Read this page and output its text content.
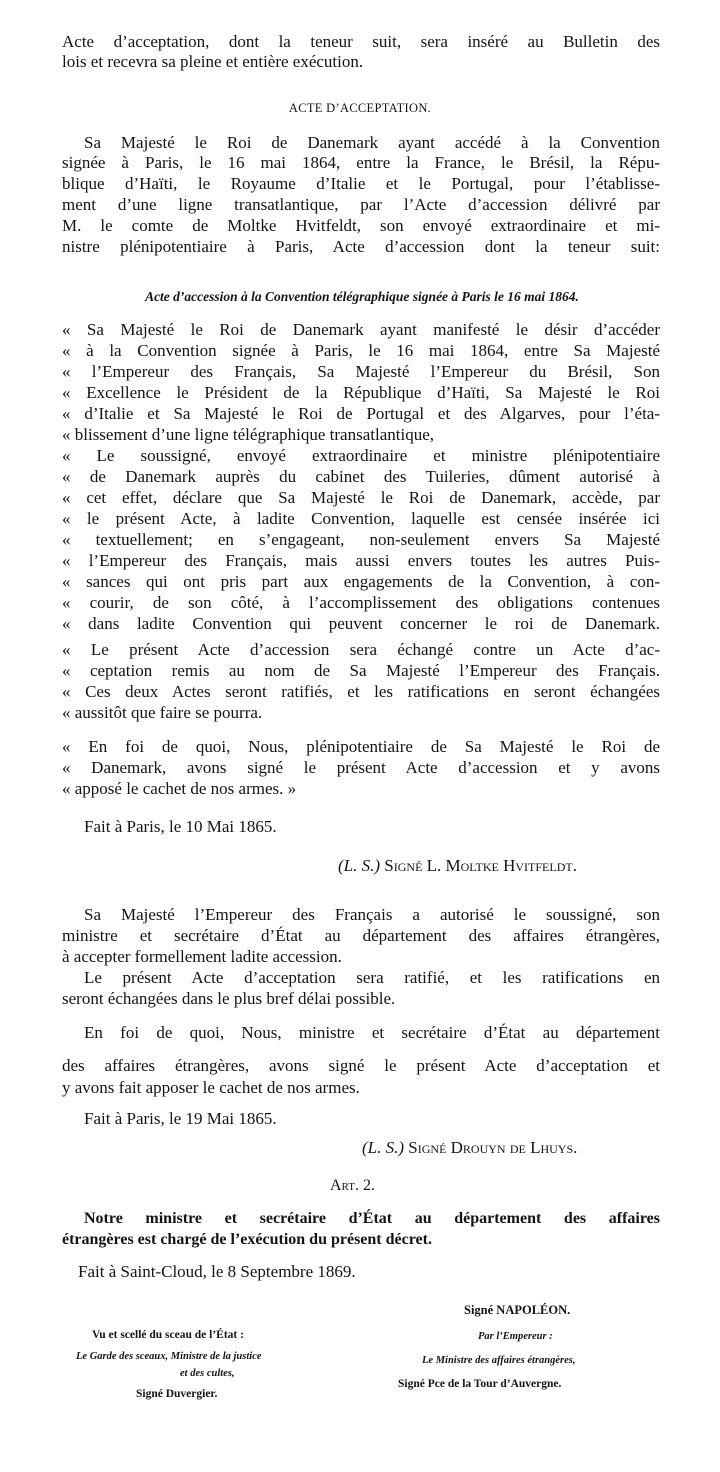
Acte d’acceptation, dont la teneur suit, sera inséré au Bulletin des
lois et recevra sa pleine et entière exécution.
ACTE D’ACCEPTATION.
Sa Majesté le Roi de Danemark ayant accédé à la Convention
signée à Paris, le 16 mai 1864, entre la France, le Brésil, la Répu-
blique d’Haïti, le Royaume d’Italie et le Portugal, pour l’établisse-
ment d’une ligne transatlantique, par l’Acte d’accession délivré par
M. le comte de Moltke Hvitfeldt, son envoyé extraordinaire et mi-
nistre plénipotentiaire à Paris, Acte d’accession dont la teneur suit:
Acte d’accession à la Convention télégraphique signée à Paris le 16 mai 1864.
« Sa Majesté le Roi de Danemark ayant manifesté le désir d’accéder
« à la Convention signée à Paris, le 16 mai 1864, entre Sa Majesté
« l’Empereur des Français, Sa Majesté l’Empereur du Brésil, Son
« Excellence le Président de la République d’Haïti, Sa Majesté le Roi
« d’Italie et Sa Majesté le Roi de Portugal et des Algarves, pour l’éta-
« blissement d’une ligne télégraphique transatlantique,
« Le soussigné, envoyé extraordinaire et ministre plénipotentiaire
« de Danemark auprès du cabinet des Tuileries, dûment autorisé à
« cet effet, déclare que Sa Majesté le Roi de Danemark, accède, par
« le présent Acte, à ladite Convention, laquelle est censée insérée ici
« textuellement; en s’engageant, non-seulement envers Sa Majesté
« l’Empereur des Français, mais aussi envers toutes les autres Puis-
« sances qui ont pris part aux engagements de la Convention, à con-
« courir, de son côté, à l’accomplissement des obligations contenues
« dans ladite Convention qui peuvent concerner le roi de Danemark.
« Le présent Acte d’accession sera échangé contre un Acte d’ac-
« ceptation remis au nom de Sa Majesté l’Empereur des Français.
« Ces deux Actes seront ratifiés, et les ratifications en seront échangées
« aussitôt que faire se pourra.
« En foi de quoi, Nous, plénipotentiaire de Sa Majesté le Roi de
« Danemark, avons signé le présent Acte d’accession et y avons
« apposé le cachet de nos armes. »
Fait à Paris, le 10 Mai 1865.
(L. S.) Signé L. Moltke Hvitfeldt.
Sa Majesté l’Empereur des Français a autorisé le soussigné, son
ministre et secrétaire d’État au département des affaires étrangères,
à accepter formellement ladite accession.
Le présent Acte d’acceptation sera ratifié, et les ratifications en
seront échangées dans le plus bref délai possible.
En foi de quoi, Nous, ministre et secrétaire d’État au département
des affaires étrangères, avons signé le présent Acte d’acceptation et
y avons fait apposer le cachet de nos armes.
Fait à Paris, le 19 Mai 1865.
(L. S.) Signé Drouyn de Lhuys.
Art. 2.
Notre ministre et secrétaire d’État au département des affaires
étrangères est chargé de l’exécution du présent décret.
Fait à Saint-Cloud, le 8 Septembre 1869.
Signé NAPOLÉON.
Vu et scellé du sceau de l’État :
Le Garde des sceaux, Ministre de la justice
et des cultes,
Signé Duvergier.
Par l’Empereur :
Le Ministre des affaires étrangères,
Signé Pce de la Tour d’Auvergne.
